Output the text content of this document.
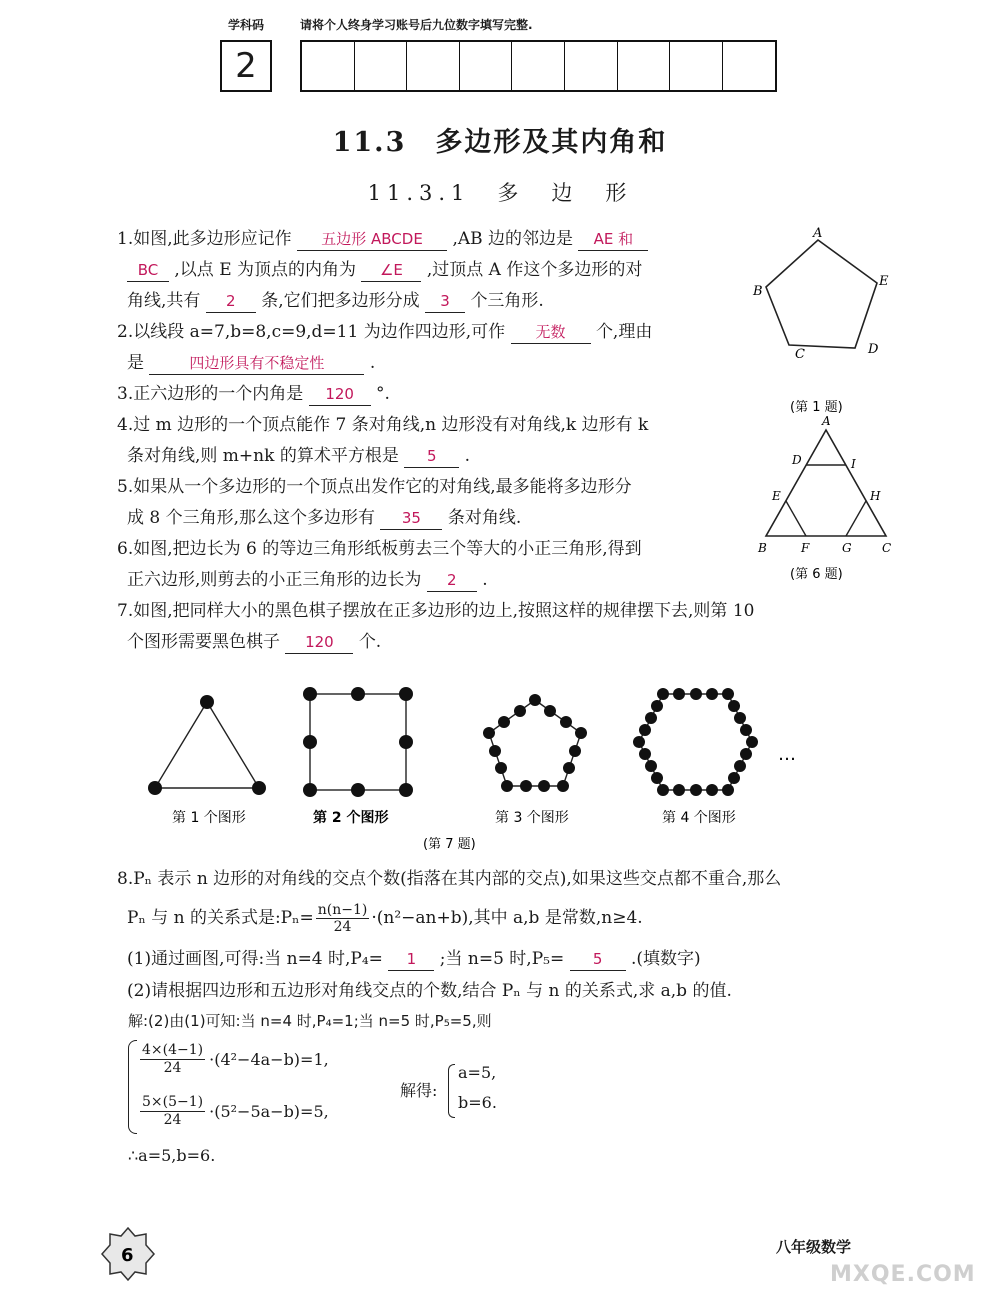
学科码	请将个人终身学习账号后九位数字填写完整.
2
11.3　多边形及其内角和
11.3.1　多　边　形
1.如图,此多边形应记作 五边形 ABCDE ,AB 边的邻边是 AE 和
BC ,以点 E 为顶点的内角为 ∠E ,过顶点 A 作这个多边形的对
角线,共有 2 条,它们把多边形分成 3 个三角形.
2.以线段 a=7,b=8,c=9,d=11 为边作四边形,可作 无数 个,理由
是	四边形具有不稳定性	.
3.正六边形的一个内角是 120 °.
4.过 m 边形的一个顶点能作 7 条对角线,n 边形没有对角线,k 边形有 k
条对角线,则 m+nk 的算术平方根是 5 .
5.如果从一个多边形的一个顶点出发作它的对角线,最多能将多边形分
成 8 个三角形,那么这个多边形有 35 条对角线.
6.如图,把边长为 6 的等边三角形纸板剪去三个等大的小正三角形,得到
正六边形,则剪去的小正三角形的边长为 2 .
7.如图,把同样大小的黑色棋子摆放在正多边形的边上,按照这样的规律摆下去,则第 10
个图形需要黑色棋子 120 个.
A
B
C	D
E
(第 1 题)
A
D	I
E	H
B	F	G	C
(第 6 题)
…
第 1 个图形	第 2 个图形	第 3 个图形	第 4 个图形
(第 7 题)
8.Pₙ 表示 n 边形的对角线的交点个数(指落在其内部的交点),如果这些交点都不重合,那么
Pₙ 与 n 的关系式是:Pₙ= $\frac{n(n-1)}{24} \cdot(n^2-an+b)$,其中 a,b 是常数,n≥4.
(1)通过画图,可得:当 n=4 时,P₄= 1 ;当 n=5 时,P₅= 5 .(填数字)
(2)请根据四边形和五边形对角线交点的个数,结合 Pₙ 与 n 的关系式,求 a,b 的值.
解:(2)由(1)可知:当 n=4 时,P₄=1;当 n=5 时,P₅=5,则
$\frac{4\times(4-1)}{24} \cdot(4^2-4a-b)=1$,
$\frac{5\times(5-1)}{24} \cdot(5^2-5a-b)=5$,
解得:
a=5,
b=6.
∴a=5,b=6.
6	八年级数学
MXQE.COM
